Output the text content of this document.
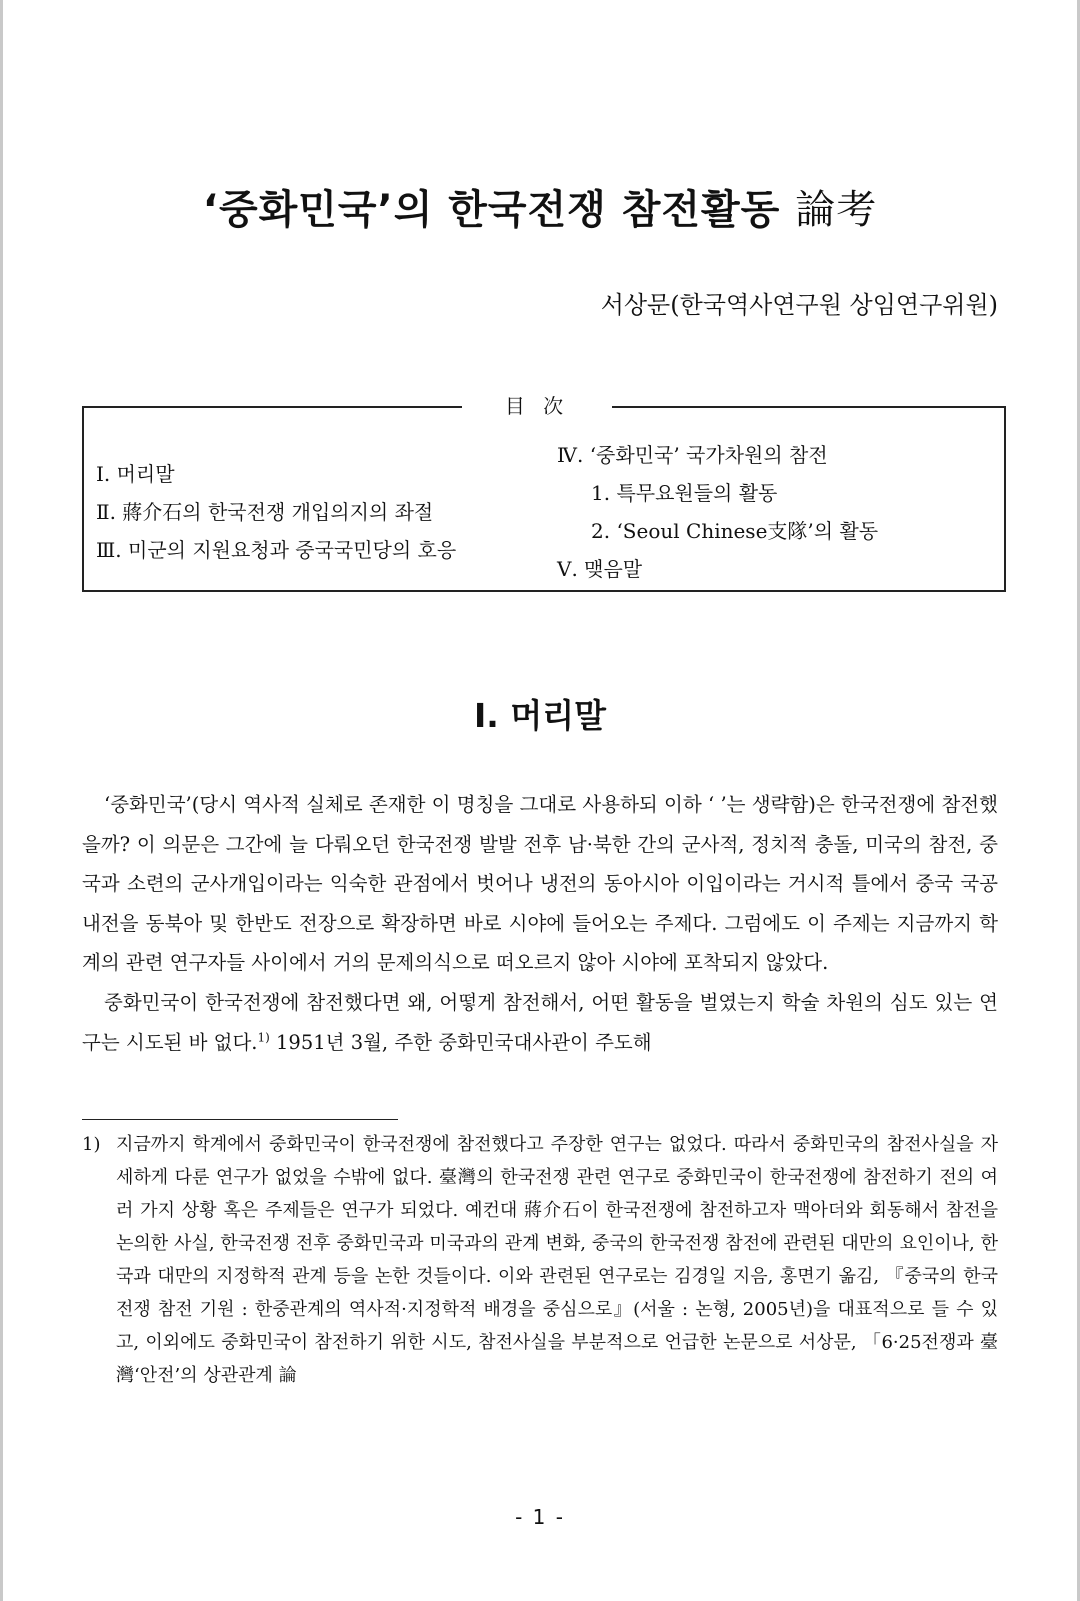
‘중화민국’의 한국전쟁 참전활동 論考
서상문(한국역사연구원 상임연구위원)
目 次
Ⅰ. 머리말
Ⅱ. 蔣介石의 한국전쟁 개입의지의 좌절
Ⅲ. 미군의 지원요청과 중국국민당의 호응
Ⅳ. ‘중화민국’ 국가차원의 참전
1. 특무요원들의 활동
2. ‘Seoul Chinese支隊’의 활동
Ⅴ. 맺음말
Ⅰ. 머리말

‘중화민국’(당시 역사적 실체로 존재한 이 명칭을 그대로 사용하되 이하 ‘ ’는 생략함)은 한국전쟁에 참전했을까? 이 의문은 그간에 늘 다뤄오던 한국전쟁 발발 전후 남·북한 간의 군사적, 정치적 충돌, 미국의 참전, 중국과 소련의 군사개입이라는 익숙한 관점에서 벗어나 냉전의 동아시아 이입이라는 거시적 틀에서 중국 국공내전을 동북아 및 한반도 전장으로 확장하면 바로 시야에 들어오는 주제다. 그럼에도 이 주제는 지금까지 학계의 관련 연구자들 사이에서 거의 문제의식으로 떠오르지 않아 시야에 포착되지 않았다.

중화민국이 한국전쟁에 참전했다면 왜, 어떻게 참전해서, 어떤 활동을 벌였는지 학술 차원의 심도 있는 연구는 시도된 바 없다.$^{1)}$ 1951년 3월, 주한 중화민국대사관이 주도해

1) 지금까지 학계에서 중화민국이 한국전쟁에 참전했다고 주장한 연구는 없었다. 따라서 중화민국의 참전사실을 자세하게 다룬 연구가 없었을 수밖에 없다. 臺灣의 한국전쟁 관련 연구로 중화민국이 한국전쟁에 참전하기 전의 여러 가지 상황 혹은 주제들은 연구가 되었다. 예컨대 蔣介石이 한국전쟁에 참전하고자 맥아더와 회동해서 참전을 논의한 사실, 한국전쟁 전후 중화민국과 미국과의 관계 변화, 중국의 한국전쟁 참전에 관련된 대만의 요인이나, 한국과 대만의 지정학적 관계 등을 논한 것들이다. 이와 관련된 연구로는 김경일 지음, 홍면기 옮김, 『중국의 한국전쟁 참전 기원 : 한중관계의 역사적·지정학적 배경을 중심으로』(서울 : 논형, 2005년)을 대표적으로 들 수 있고, 이외에도 중화민국이 참전하기 위한 시도, 참전사실을 부분적으로 언급한 논문으로 서상문, 「6·25전쟁과 臺灣‘안전’의 상관관계 論
- 1 -
